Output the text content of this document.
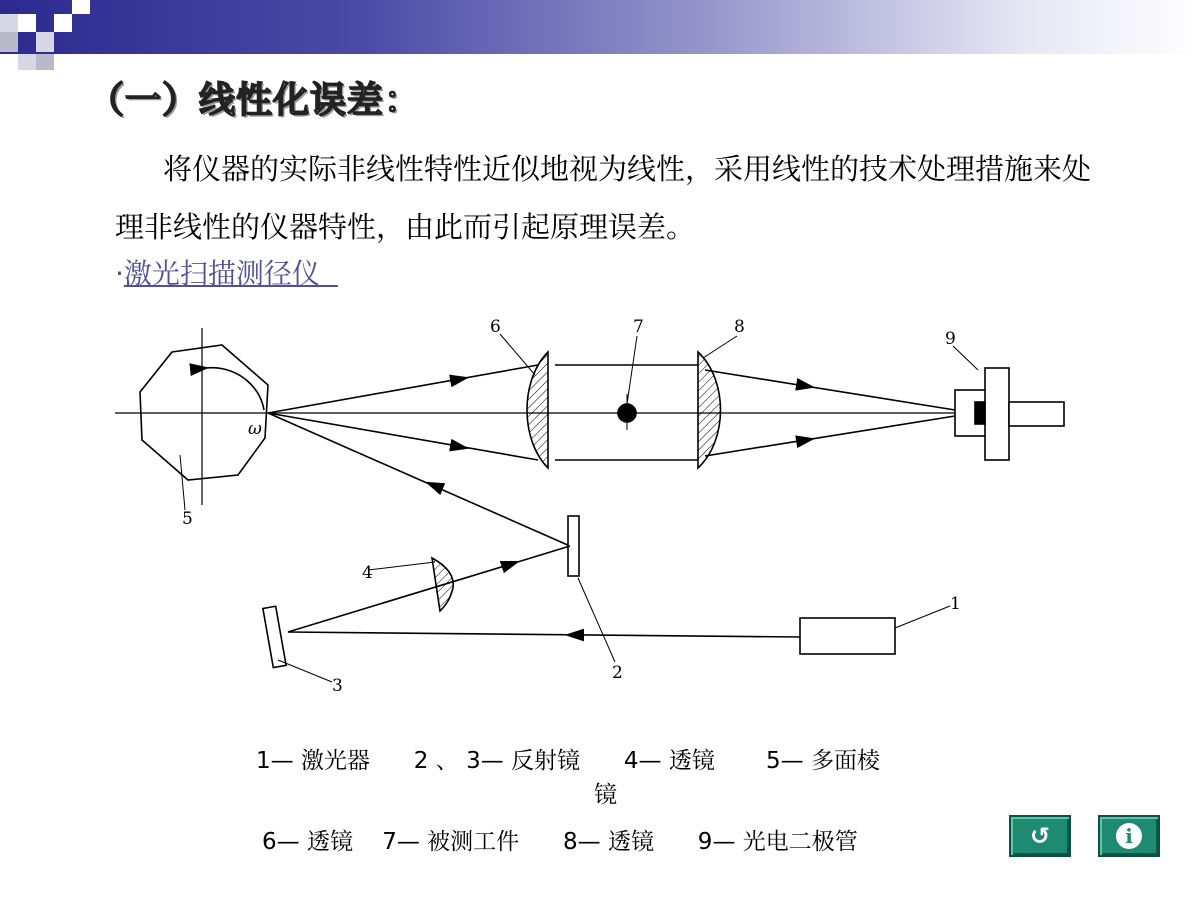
（一）线性化误差：
将仪器的实际非线性特性近似地视为线性，采用线性的技术处理措施来处理非线性的仪器特性，由此而引起原理误差。
·激光扫描测径仪
6	7	8
9
5
4
3
2
1
ω
1— 激光器      2 、 3— 反射镜      4— 透镜       5— 多面棱
镜
6— 透镜    7— 被测工件      8— 透镜      9— 光电二极管	↺	i
